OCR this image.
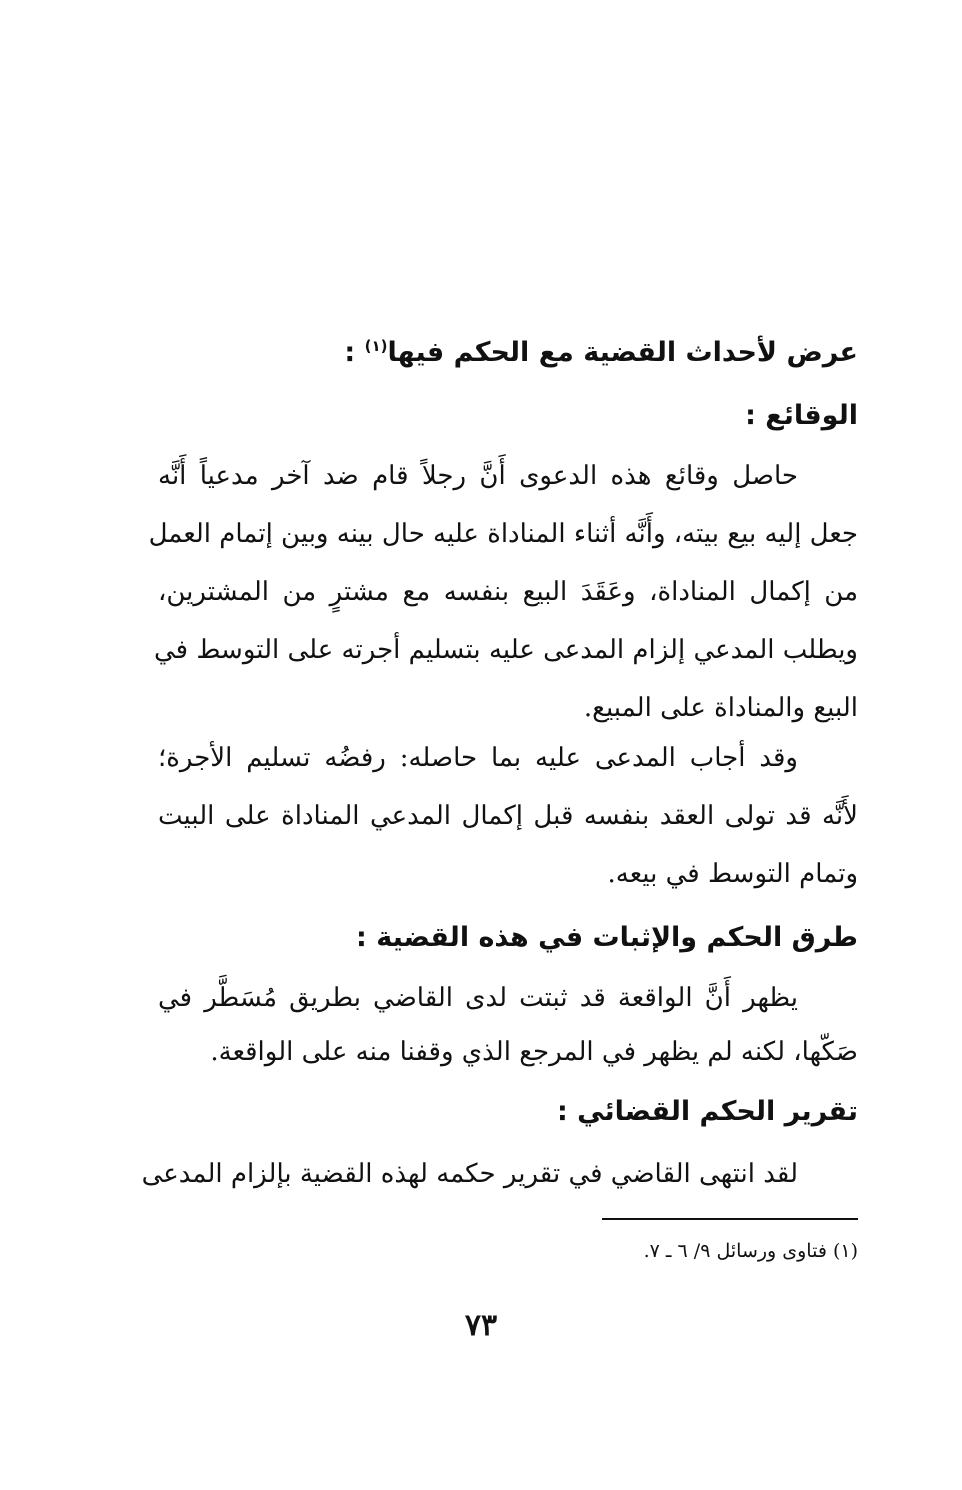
عرض لأحداث القضية مع الحكم فيها$^{(١)}$ :
الوقائع :
حاصل وقائع هذه الدعوى أَنَّ رجلاً قام ضد آخر مدعياً أَنَّه
جعل إليه بيع بيته، وأَنَّه أثناء المناداة عليه حال بينه وبين إتمام العمل
من إكمال المناداة، وعَقَدَ البيع بنفسه مع مشترٍ من المشترين،
ويطلب المدعي إلزام المدعى عليه بتسليم أجرته على التوسط في
البيع والمناداة على المبيع.
وقد أجاب المدعى عليه بما حاصله: رفضُه تسليم الأجرة؛
لأَنَّه قد تولى العقد بنفسه قبل إكمال المدعي المناداة على البيت
وتمام التوسط في بيعه.
طرق الحكم والإثبات في هذه القضية :
يظهر أَنَّ الواقعة قد ثبتت لدى القاضي بطريق مُسَطَّر في
صَكّها، لكنه لم يظهر في المرجع الذي وقفنا منه على الواقعة.
تقرير الحكم القضائي :
لقد انتهى القاضي في تقرير حكمه لهذه القضية بإلزام المدعى
(١) فتاوى ورسائل ٩/ ٦ ـ ٧.
٧٣
